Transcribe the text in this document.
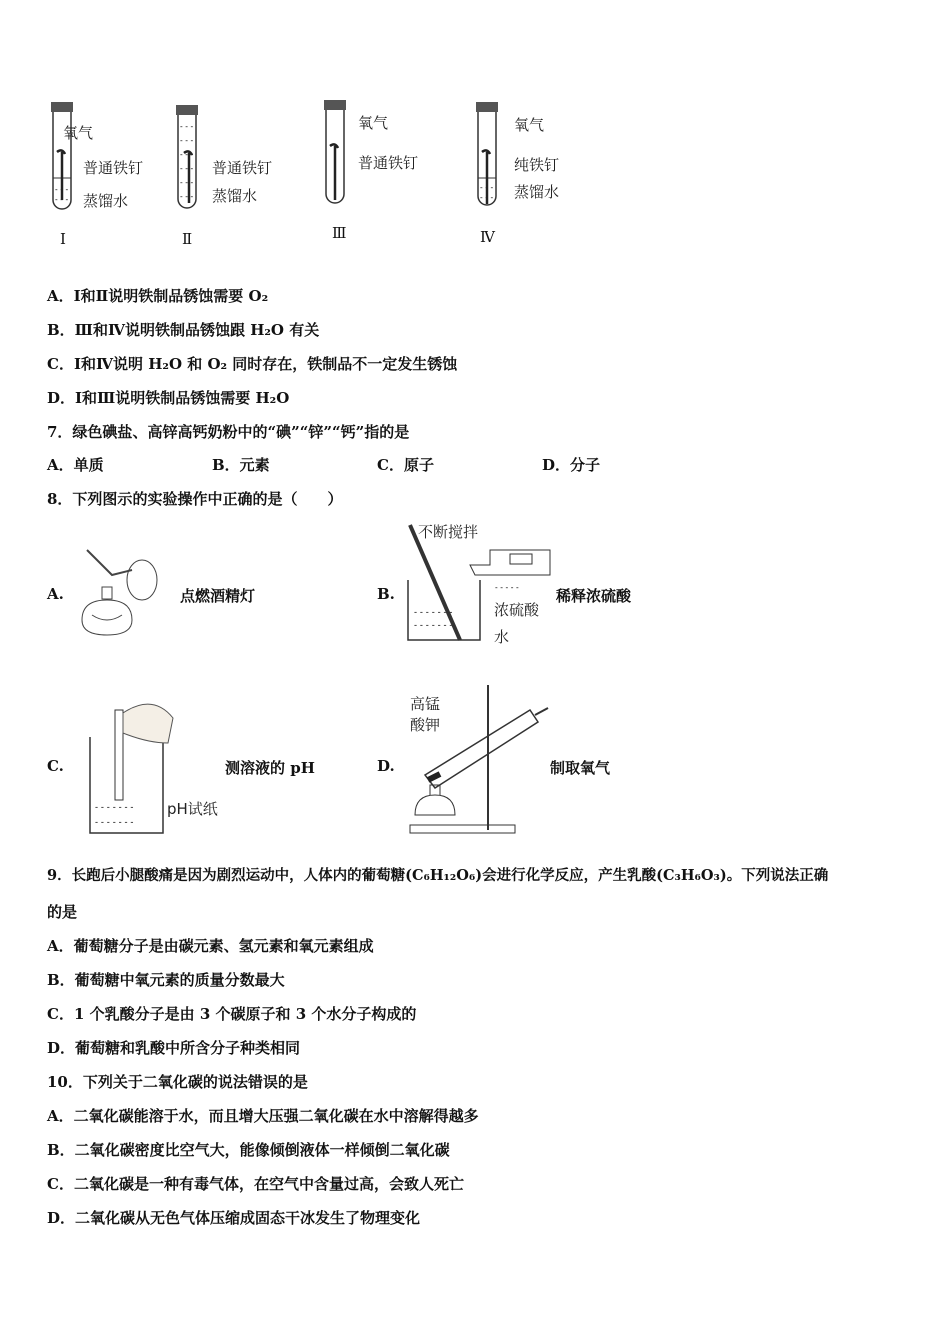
- - -
- - -
氧气
普通铁钉
蒸馏水
Ⅰ
- - -
- - -
- - -
- - -
- - -
- - -
普通铁钉
蒸馏水
Ⅱ
氧气
普通铁钉
Ⅲ
- - -
- - -
氧气
纯铁钉
蒸馏水
Ⅳ
A．Ⅰ和Ⅱ说明铁制品锈蚀需要 O₂
B．Ⅲ和Ⅳ说明铁制品锈蚀跟 H₂O 有关
C．Ⅰ和Ⅳ说明 H₂O 和 O₂ 同时存在，铁制品不一定发生锈蚀
D．Ⅰ和Ⅲ说明铁制品锈蚀需要 H₂O
7．绿色碘盐、高锌高钙奶粉中的“碘”“锌”“钙”指的是
A．单质	B．元素	C．原子	D．分子
8．下列图示的实验操作中正确的是（　　）
A.	点燃酒精灯	B.
- - - - - - -
- - - - - - -
- - - - -
不断搅拌
浓硫酸
水
稀释浓硫酸
C.
- - - - - - -
- - - - - - -
pH试纸
测溶液的 pH	D.
高锰
酸钾
制取氧气
9．长跑后小腿酸痛是因为剧烈运动中，人体内的葡萄糖(C₆H₁₂O₆)会进行化学反应，产生乳酸(C₃H₆O₃)。下列说法正确
的是
A．葡萄糖分子是由碳元素、氢元素和氧元素组成
B．葡萄糖中氧元素的质量分数最大
C．1 个乳酸分子是由 3 个碳原子和 3 个水分子构成的
D．葡萄糖和乳酸中所含分子种类相同
10．下列关于二氧化碳的说法错误的是
A．二氧化碳能溶于水，而且增大压强二氧化碳在水中溶解得越多
B．二氧化碳密度比空气大，能像倾倒液体一样倾倒二氧化碳
C．二氧化碳是一种有毒气体，在空气中含量过高，会致人死亡
D．二氧化碳从无色气体压缩成固态干冰发生了物理变化
